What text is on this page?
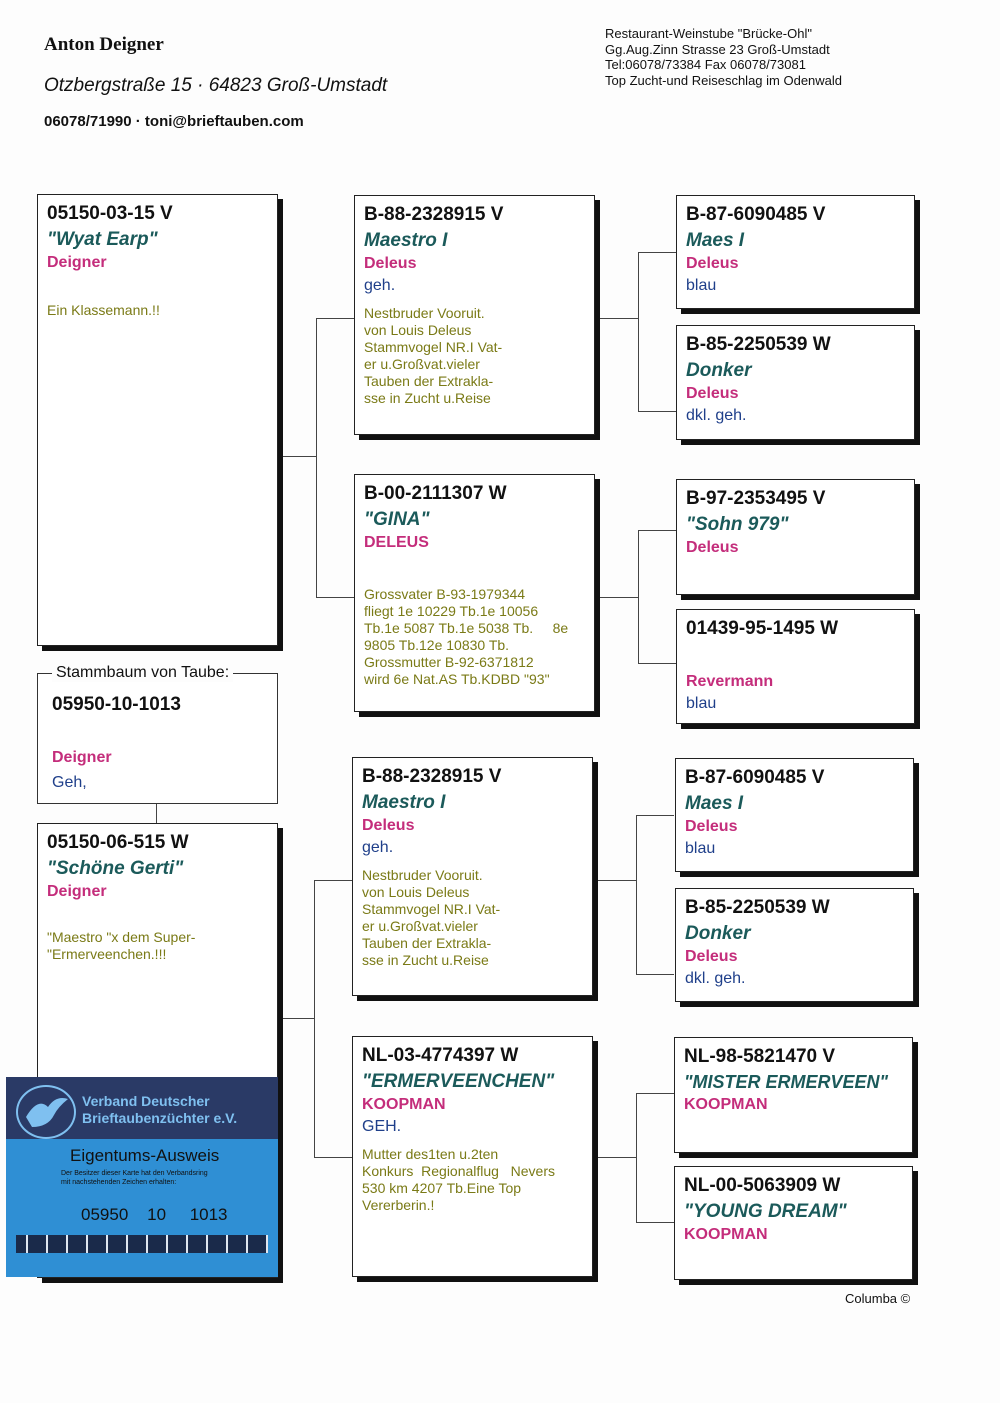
Anton Deigner
Otzbergstraße 15 · 64823 Groß-Umstadt
06078/71990 · toni@brieftauben.com
Restaurant-Weinstube "Brücke-Ohl"
Gg.Aug.Zinn Strasse 23 Groß-Umstadt
Tel:06078/73384 Fax 06078/73081
Top Zucht-und Reiseschlag im Odenwald
05150-03-15 V
"Wyat Earp"
Deigner
Ein Klassemann.!!
05950-10-1013
Deigner
Geh,
Stammbaum von Taube:
05150-06-515 W
"Schöne Gerti"
Deigner
"Maestro "x dem Super-
"Ermerveenchen.!!!
B-88-2328915 V
Maestro I
Deleus
geh.
Nestbruder Vooruit.
von Louis Deleus
Stammvogel NR.I Vat-
er u.Großvat.vieler
Tauben der Extrakla-
sse in Zucht u.Reise
B-00-2111307 W
"GINA"
DELEUS
Grossvater B-93-1979344
fliegt 1e 10229 Tb.1e 10056
Tb.1e 5087 Tb.1e 5038 Tb.     8e
9805 Tb.12e 10830 Tb.
Grossmutter B-92-6371812
wird 6e Nat.AS Tb.KDBD "93"
B-88-2328915 V
Maestro I
Deleus
geh.
Nestbruder Vooruit.
von Louis Deleus
Stammvogel NR.I Vat-
er u.Großvat.vieler
Tauben der Extrakla-
sse in Zucht u.Reise
NL-03-4774397 W
"ERMERVEENCHEN"
KOOPMAN
GEH.
Mutter des1ten u.2ten
Konkurs  Regionalflug   Nevers
530 km 4207 Tb.Eine Top
Vererberin.!
B-87-6090485 V
Maes I
Deleus
blau
B-85-2250539 W
Donker
Deleus
dkl. geh.
B-97-2353495 V
"Sohn 979"
Deleus
01439-95-1495 W
Revermann
blau
B-87-6090485 V
Maes I
Deleus
blau
B-85-2250539 W
Donker
Deleus
dkl. geh.
NL-98-5821470 V
"MISTER ERMERVEEN"
KOOPMAN
NL-00-5063909 W
"YOUNG DREAM"
KOOPMAN
Verband Deutscher
Brieftaubenzüchter e.V.
Eigentums-Ausweis
Der Besitzer dieser Karte hat den Verbandsring
mit nachstehenden Zeichen erhalten:
05950    10     1013
Columba ©
